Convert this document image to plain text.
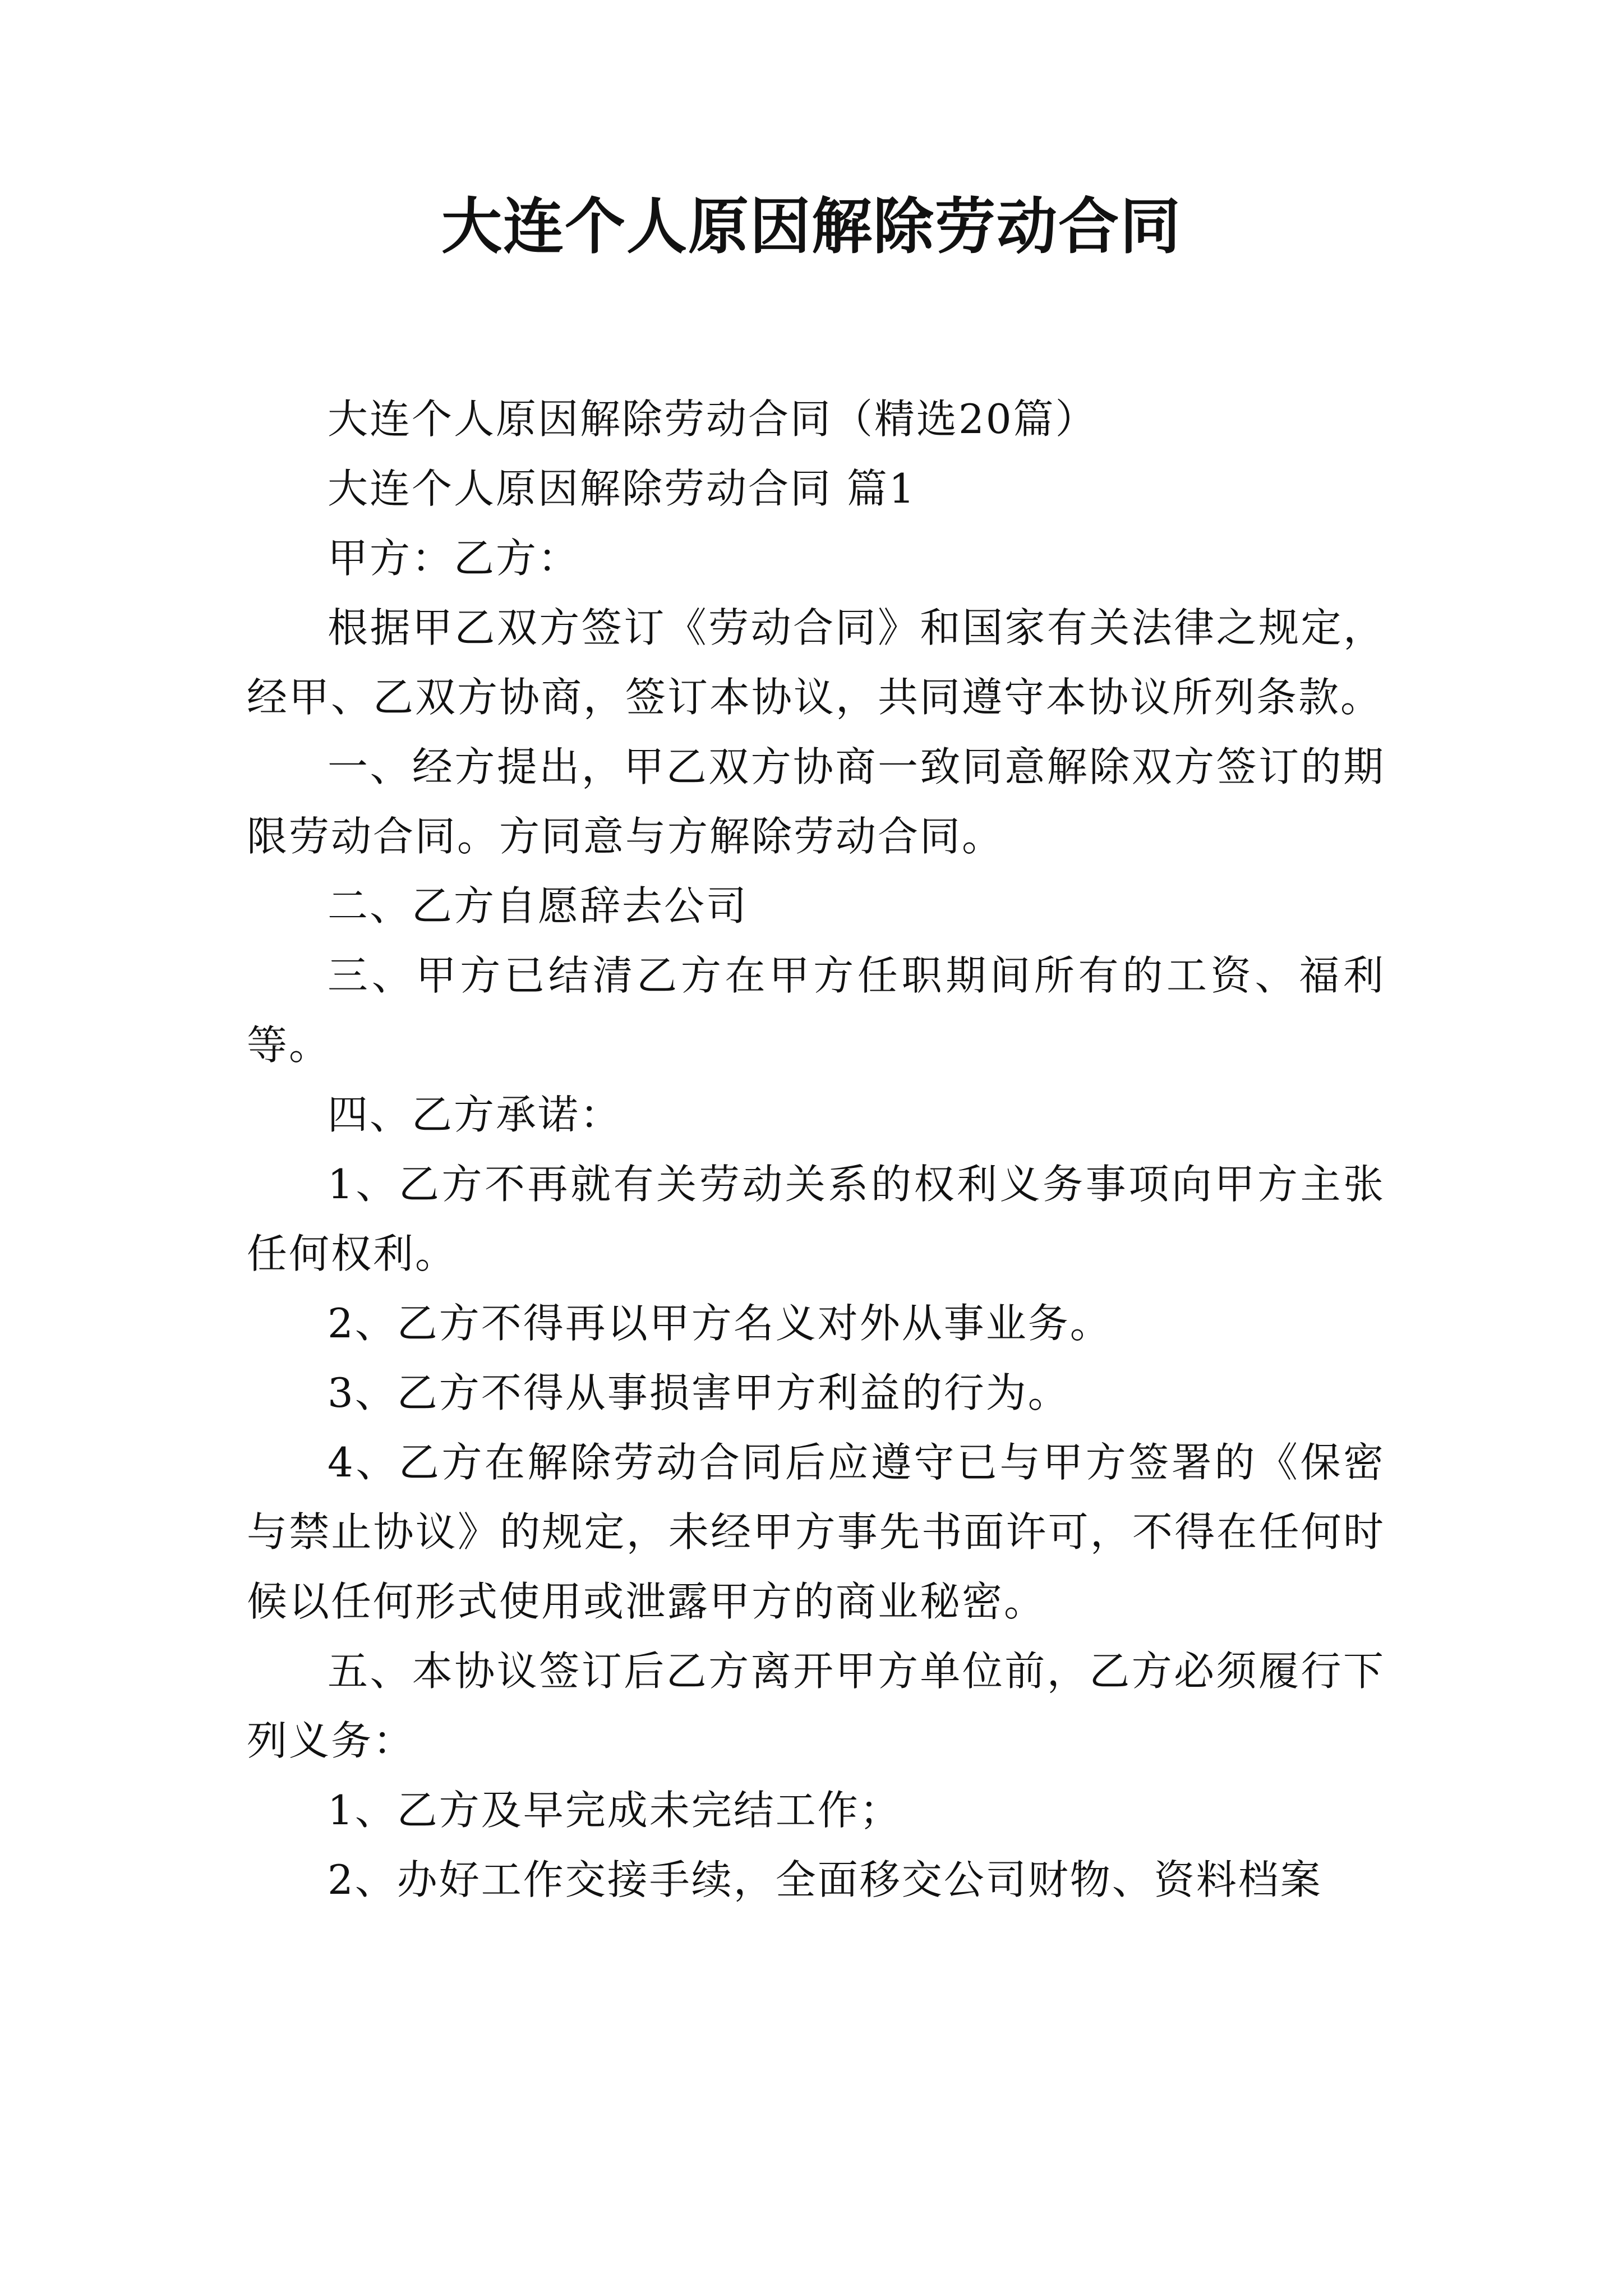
大连个人原因解除劳动合同

大连个人原因解除劳动合同（精选20篇）

大连个人原因解除劳动合同 篇1

甲方：乙方：

根据甲乙双方签订《劳动合同》和国家有关法律之规定，经甲、乙双方协商，签订本协议，共同遵守本协议所列条款。

一、经方提出，甲乙双方协商一致同意解除双方签订的期限劳动合同。方同意与方解除劳动合同。

二、乙方自愿辞去公司

三、甲方已结清乙方在甲方任职期间所有的工资、福利等。

四、乙方承诺：

1、乙方不再就有关劳动关系的权利义务事项向甲方主张任何权利。

2、乙方不得再以甲方名义对外从事业务。

3、乙方不得从事损害甲方利益的行为。

4、乙方在解除劳动合同后应遵守已与甲方签署的《保密与禁止协议》的规定，未经甲方事先书面许可，不得在任何时候以任何形式使用或泄露甲方的商业秘密。

五、本协议签订后乙方离开甲方单位前，乙方必须履行下列义务：

1、乙方及早完成未完结工作；

2、办好工作交接手续，全面移交公司财物、资料档案
